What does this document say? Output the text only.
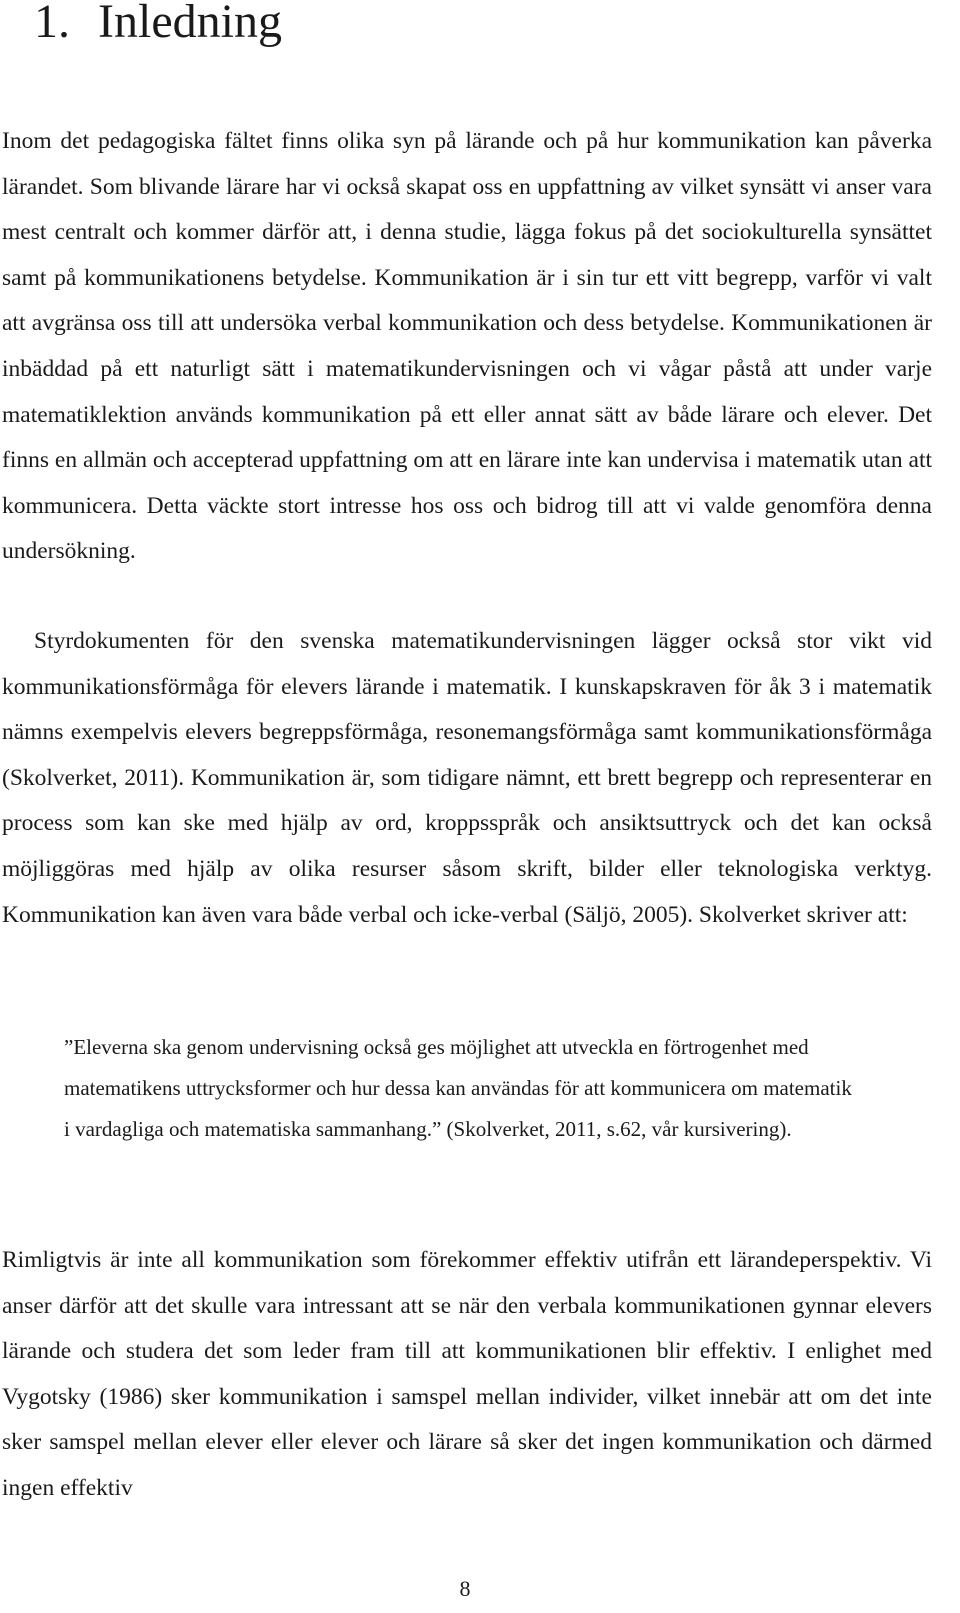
1. Inledning

Inom det pedagogiska fältet finns olika syn på lärande och på hur kommunikation kan påverka lärandet. Som blivande lärare har vi också skapat oss en uppfattning av vilket synsätt vi anser vara mest centralt och kommer därför att, i denna studie, lägga fokus på det sociokulturella synsättet samt på kommunikationens betydelse. Kommunikation är i sin tur ett vitt begrepp, varför vi valt att avgränsa oss till att undersöka verbal kommunikation och dess betydelse. Kommunikationen är inbäddad på ett naturligt sätt i matematikundervisningen och vi vågar påstå att under varje matematiklektion används kommunikation på ett eller annat sätt av både lärare och elever. Det finns en allmän och accepterad uppfattning om att en lärare inte kan undervisa i matematik utan att kommunicera. Detta väckte stort intresse hos oss och bidrog till att vi valde genomföra denna undersökning.

Styrdokumenten för den svenska matematikundervisningen lägger också stor vikt vid kommunikationsförmåga för elevers lärande i matematik. I kunskapskraven för åk 3 i matematik nämns exempelvis elevers begreppsförmåga, resonemangsförmåga samt kommunikationsförmåga (Skolverket, 2011). Kommunikation är, som tidigare nämnt, ett brett begrepp och representerar en process som kan ske med hjälp av ord, kroppsspråk och ansiktsuttryck och det kan också möjliggöras med hjälp av olika resurser såsom skrift, bilder eller teknologiska verktyg. Kommunikation kan även vara både verbal och icke-verbal (Säljö, 2005). Skolverket skriver att:

”Eleverna ska genom undervisning också ges möjlighet att utveckla en förtrogenhet med matematikens uttrycksformer och hur dessa kan användas för att kommunicera om matematik i vardagliga och matematiska sammanhang.” (Skolverket, 2011, s.62, vår kursivering).

Rimligtvis är inte all kommunikation som förekommer effektiv utifrån ett lärandeperspektiv. Vi anser därför att det skulle vara intressant att se när den verbala kommunikationen gynnar elevers lärande och studera det som leder fram till att kommunikationen blir effektiv. I enlighet med Vygotsky (1986) sker kommunikation i samspel mellan individer, vilket innebär att om det inte sker samspel mellan elever eller elever och lärare så sker det ingen kommunikation och därmed ingen effektiv

8
